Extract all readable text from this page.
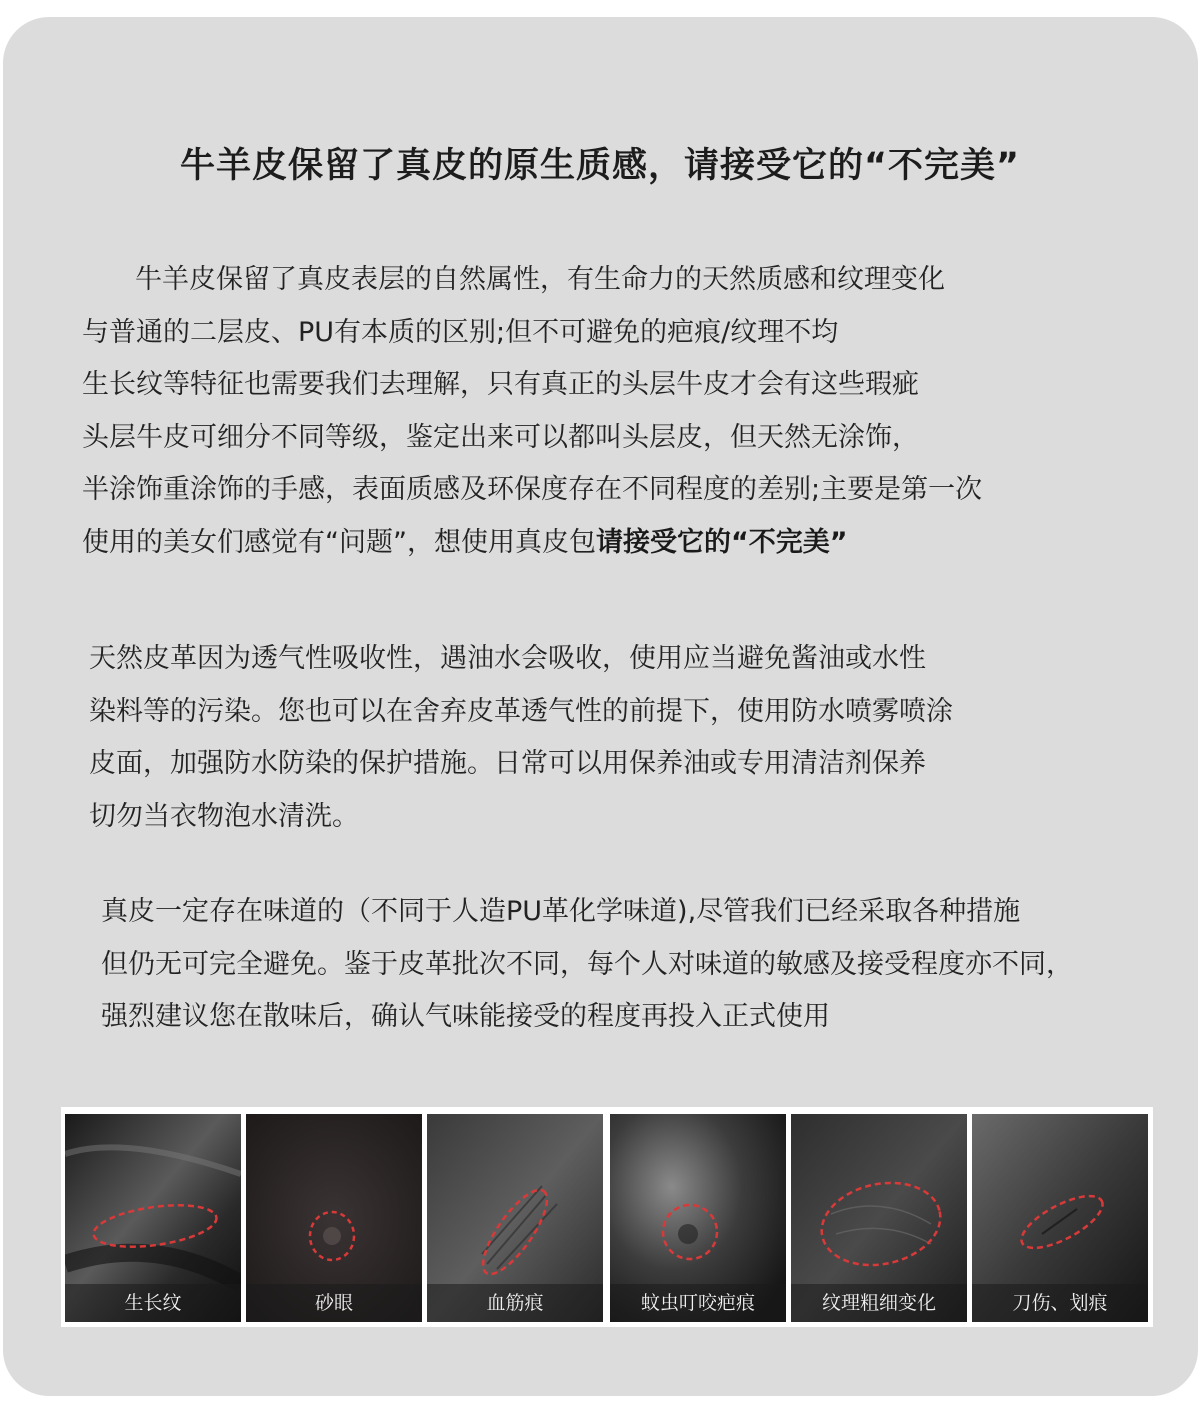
牛羊皮保留了真皮的原生质感，请接受它的“不完美”
牛羊皮保留了真皮表层的自然属性，有生命力的天然质感和纹理变化
与普通的二层皮、PU有本质的区别;但不可避免的疤痕/纹理不均
生长纹等特征也需要我们去理解，只有真正的头层牛皮才会有这些瑕疵
头层牛皮可细分不同等级，鉴定出来可以都叫头层皮，但天然无涂饰，
半涂饰重涂饰的手感，表面质感及环保度存在不同程度的差别;主要是第一次
使用的美女们感觉有“问题”，想使用真皮包请接受它的“不完美”
天然皮革因为透气性吸收性，遇油水会吸收，使用应当避免酱油或水性
染料等的污染。您也可以在舍弃皮革透气性的前提下，使用防水喷雾喷涂
皮面，加强防水防染的保护措施。日常可以用保养油或专用清洁剂保养
切勿当衣物泡水清洗。
真皮一定存在味道的（不同于人造PU革化学味道),尽管我们已经采取各种措施
但仍无可完全避免。鉴于皮革批次不同，每个人对味道的敏感及接受程度亦不同，
强烈建议您在散味后，确认气味能接受的程度再投入正式使用
生长纹	砂眼	血筋痕	蚊虫叮咬疤痕	纹理粗细变化	刀伤、划痕
